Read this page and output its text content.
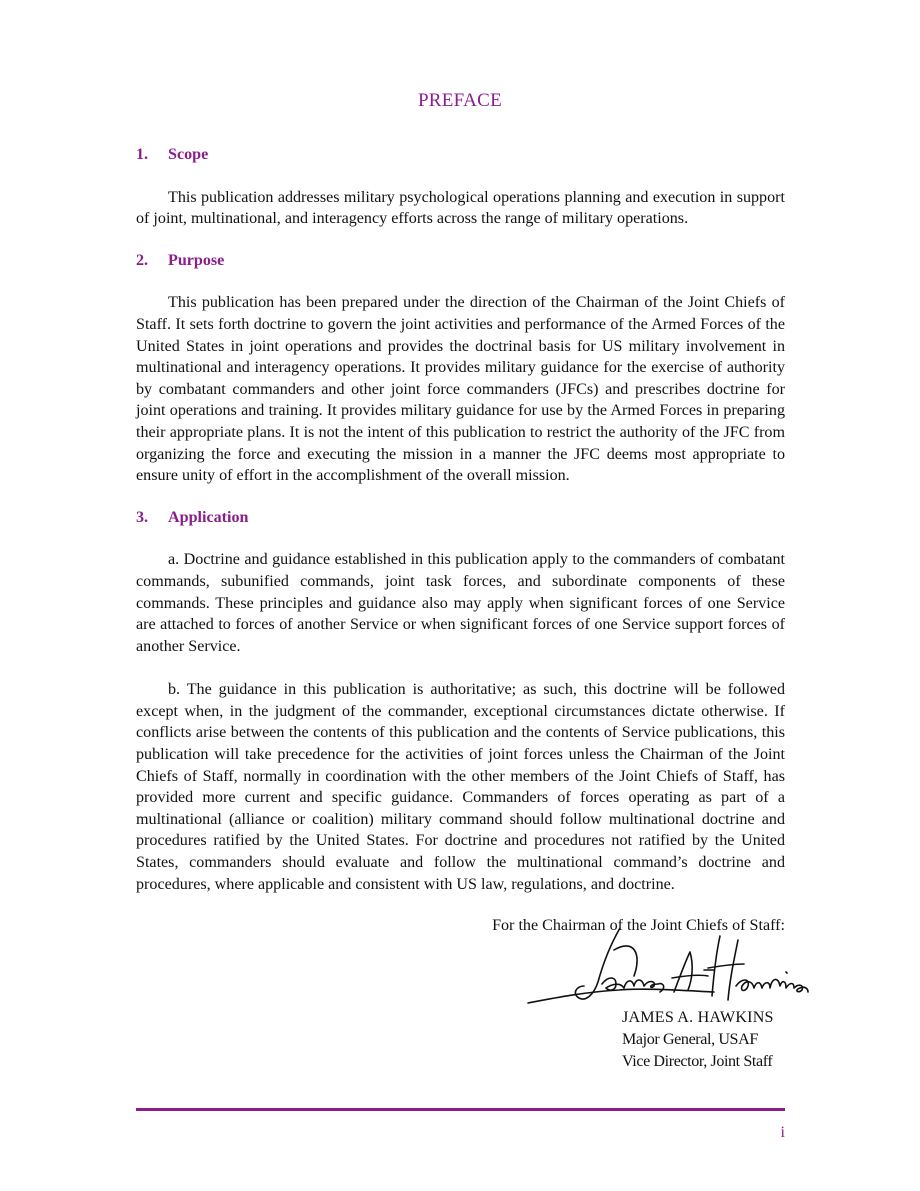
PREFACE
1. Scope

This publication addresses military psychological operations planning and execution in support of joint, multinational, and interagency efforts across the range of military operations.

2. Purpose

This publication has been prepared under the direction of the Chairman of the Joint Chiefs of Staff. It sets forth doctrine to govern the joint activities and performance of the Armed Forces of the United States in joint operations and provides the doctrinal basis for US military involvement in multinational and interagency operations. It provides military guidance for the exercise of authority by combatant commanders and other joint force commanders (JFCs) and prescribes doctrine for joint operations and training. It provides military guidance for use by the Armed Forces in preparing their appropriate plans. It is not the intent of this publication to restrict the authority of the JFC from organizing the force and executing the mission in a manner the JFC deems most appropriate to ensure unity of effort in the accomplishment of the overall mission.

3. Application

a. Doctrine and guidance established in this publication apply to the commanders of combatant commands, subunified commands, joint task forces, and subordinate components of these commands. These principles and guidance also may apply when significant forces of one Service are attached to forces of another Service or when significant forces of one Service support forces of another Service.

b. The guidance in this publication is authoritative; as such, this doctrine will be followed except when, in the judgment of the commander, exceptional circumstances dictate otherwise. If conflicts arise between the contents of this publication and the contents of Service publications, this publication will take precedence for the activities of joint forces unless the Chairman of the Joint Chiefs of Staff, normally in coordination with the other members of the Joint Chiefs of Staff, has provided more current and specific guidance. Commanders of forces operating as part of a multinational (alliance or coalition) military command should follow multinational doctrine and procedures ratified by the United States. For doctrine and procedures not ratified by the United States, commanders should evaluate and follow the multinational command’s doctrine and procedures, where applicable and consistent with US law, regulations, and doctrine.

For the Chairman of the Joint Chiefs of Staff:
JAMES A. HAWKINS
Major General, USAF
Vice Director, Joint Staff
i
